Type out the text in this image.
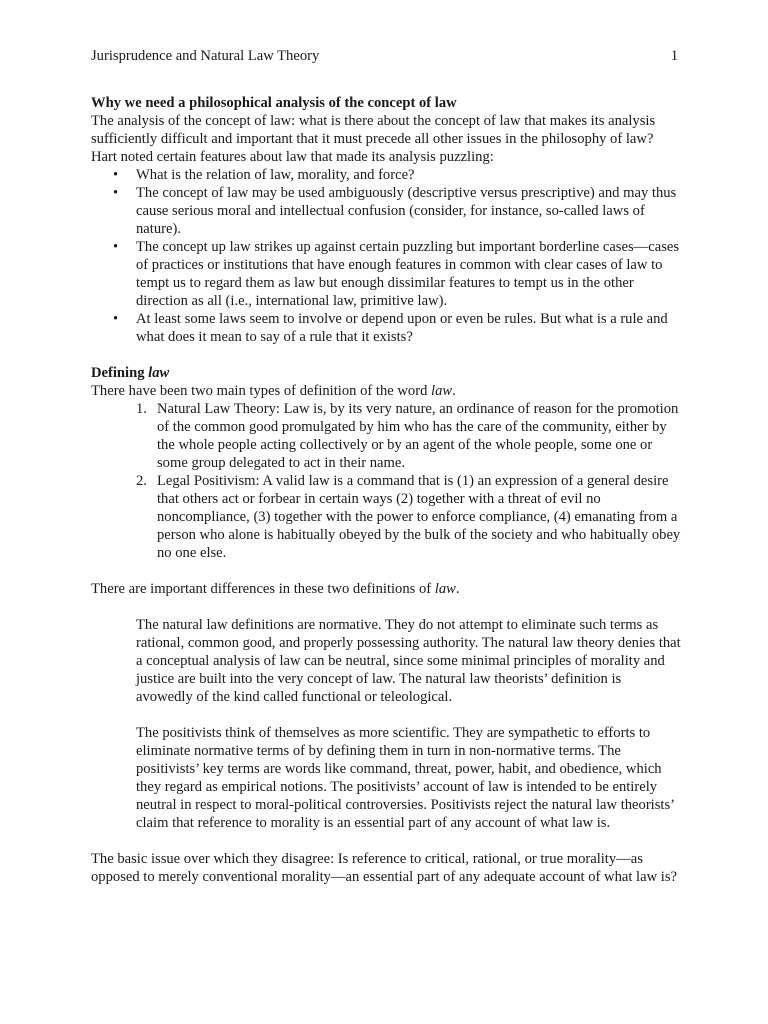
Jurisprudence and Natural Law Theory	1

Why we need a philosophical analysis of the concept of law

The analysis of the concept of law: what is there about the concept of law that makes its analysis sufficiently difficult and important that it must precede all other issues in the philosophy of law? Hart noted certain features about law that made its analysis puzzling:

• What is the relation of law, morality, and force?
• The concept of law may be used ambiguously (descriptive versus prescriptive) and may thus cause serious moral and intellectual confusion (consider, for instance, so-called laws of nature).
• The concept up law strikes up against certain puzzling but important borderline cases—cases of practices or institutions that have enough features in common with clear cases of law to tempt us to regard them as law but enough dissimilar features to tempt us in the other direction as all (i.e., international law, primitive law).
• At least some laws seem to involve or depend upon or even be rules. But what is a rule and what does it mean to say of a rule that it exists?

Defining law

There have been two main types of definition of the word law.

1. Natural Law Theory: Law is, by its very nature, an ordinance of reason for the promotion of the common good promulgated by him who has the care of the community, either by the whole people acting collectively or by an agent of the whole people, some one or some group delegated to act in their name.
2. Legal Positivism: A valid law is a command that is (1) an expression of a general desire that others act or forbear in certain ways (2) together with a threat of evil no noncompliance, (3) together with the power to enforce compliance, (4) emanating from a person who alone is habitually obeyed by the bulk of the society and who habitually obey no one else.

There are important differences in these two definitions of law.

The natural law definitions are normative. They do not attempt to eliminate such terms as rational, common good, and properly possessing authority. The natural law theory denies that a conceptual analysis of law can be neutral, since some minimal principles of morality and justice are built into the very concept of law. The natural law theorists’ definition is avowedly of the kind called functional or teleological.

The positivists think of themselves as more scientific. They are sympathetic to efforts to eliminate normative terms of by defining them in turn in non-normative terms. The positivists’ key terms are words like command, threat, power, habit, and obedience, which they regard as empirical notions. The positivists’ account of law is intended to be entirely neutral in respect to moral-political controversies. Positivists reject the natural law theorists’ claim that reference to morality is an essential part of any account of what law is.

The basic issue over which they disagree: Is reference to critical, rational, or true morality—as opposed to merely conventional morality—an essential part of any adequate account of what law is?
